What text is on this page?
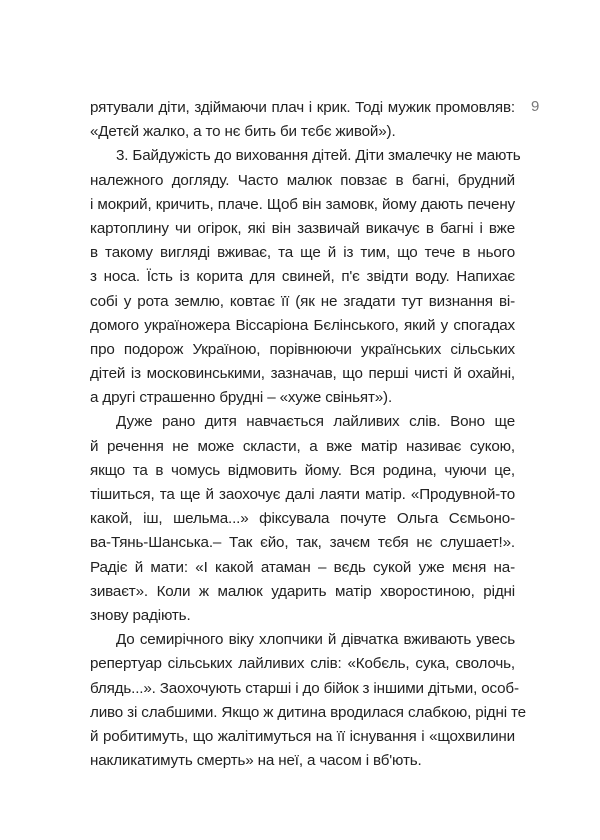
9
рятували діти, здіймаючи плач і крик. Тоді мужик промовляв:
«Детєй жалко, а то нє бить би тєбє живой»).
3. Байдужість до виховання дітей. Діти змалечку не мають
належного догляду. Часто малюк повзає в багні, брудний
і мокрий, кричить, плаче. Щоб він замовк, йому дають печену
картоплину чи огірок, які він зазвичай викачує в багні і вже
в такому вигляді вживає, та ще й із тим, що тече в нього
з носа. Їсть із корита для свиней, п'є звідти воду. Напихає
собі у рота землю, ковтає її (як не згадати тут визнання ві-
домого україножера Віссаріона Бєлінського, який у спогадах
про подорож Україною, порівнюючи українських сільських
дітей із московинськими, зазначав, що перші чисті й охайні,
а другі страшенно брудні – «хуже свіньят»).
Дуже рано дитя навчається лайливих слів. Воно ще
й речення не може скласти, а вже матір називає сукою,
якщо та в чомусь відмовить йому. Вся родина, чуючи це,
тішиться, та ще й заохочує далі лаяти матір. «Продувной-то
какой, іш, шельма...» фіксувала почуте Ольга Сємьоно-
ва-Тянь-Шанська.– Так єйо, так, зачєм тєбя нє слушает!».
Радіє й мати: «І какой атаман – вєдь сукой уже мєня на-
зиваєт». Коли ж малюк ударить матір хворостиною, рідні
знову радіють.
До семирічного віку хлопчики й дівчатка вживають увесь
репертуар сільських лайливих слів: «Кобєль, сука, сволочь,
блядь...». Заохочують старші і до бійок з іншими дітьми, особ-
ливо зі слабшими. Якщо ж дитина вродилася слабкою, рідні те
й робитимуть, що жалітимуться на її існування і «щохвилини
накликатимуть смерть» на неї, а часом і вб'ють.
